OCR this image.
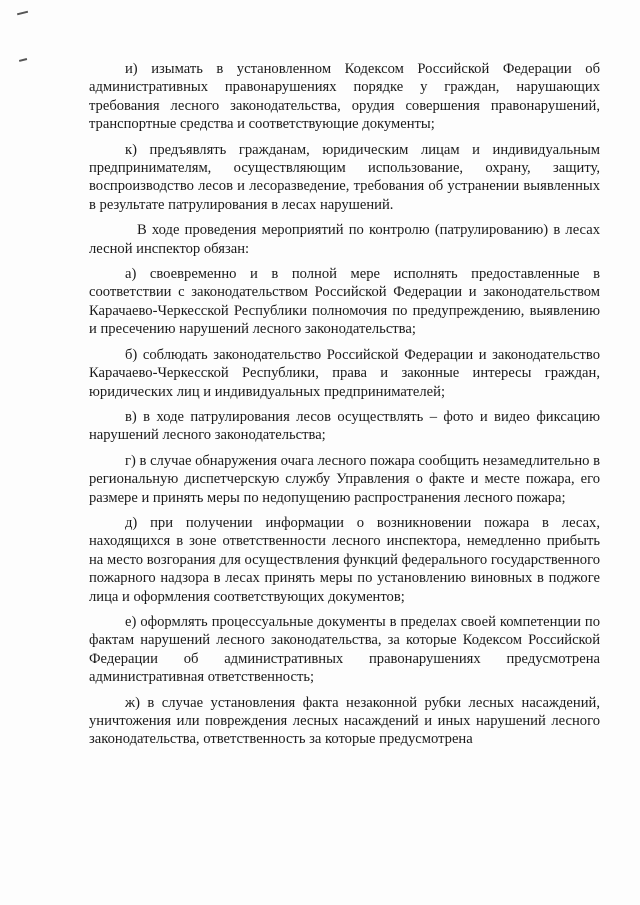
и) изымать в установленном Кодексом Российской Федерации об административных правонарушениях порядке у граждан, нарушающих требования лесного законодательства, орудия совершения правонарушений, транспортные средства и соответствующие документы;

к) предъявлять гражданам, юридическим лицам и индивидуальным предпринимателям, осуществляющим использование, охрану, защиту, воспроизводство лесов и лесоразведение, требования об устранении выявленных в результате патрулирования в лесах нарушений.

В ходе проведения мероприятий по контролю (патрулированию) в лесах лесной инспектор обязан:

а) своевременно и в полной мере исполнять предоставленные в соответствии с законодательством Российской Федерации и законодательством Карачаево-Черкесской Республики полномочия по предупреждению, выявлению и пресечению нарушений лесного законодательства;

б) соблюдать законодательство Российской Федерации и законодательство Карачаево-Черкесской Республики, права и законные интересы граждан, юридических лиц и индивидуальных предпринимателей;

в) в ходе патрулирования лесов осуществлять – фото и видео фиксацию нарушений лесного законодательства;

г) в случае обнаружения очага лесного пожара сообщить незамедлительно в региональную диспетчерскую службу Управления о факте и месте пожара, его размере и принять меры по недопущению распространения лесного пожара;

д) при получении информации о возникновении пожара в лесах, находящихся в зоне ответственности лесного инспектора, немедленно прибыть на место возгорания для осуществления функций федерального государственного пожарного надзора в лесах принять меры по установлению виновных в поджоге лица и оформления соответствующих документов;

е) оформлять процессуальные документы в пределах своей компетенции по фактам нарушений лесного законодательства, за которые Кодексом Российской Федерации об административных правонарушениях предусмотрена административная ответственность;

ж) в случае установления факта незаконной рубки лесных насаждений, уничтожения или повреждения лесных насаждений и иных нарушений лесного законодательства, ответственность за которые предусмотрена
